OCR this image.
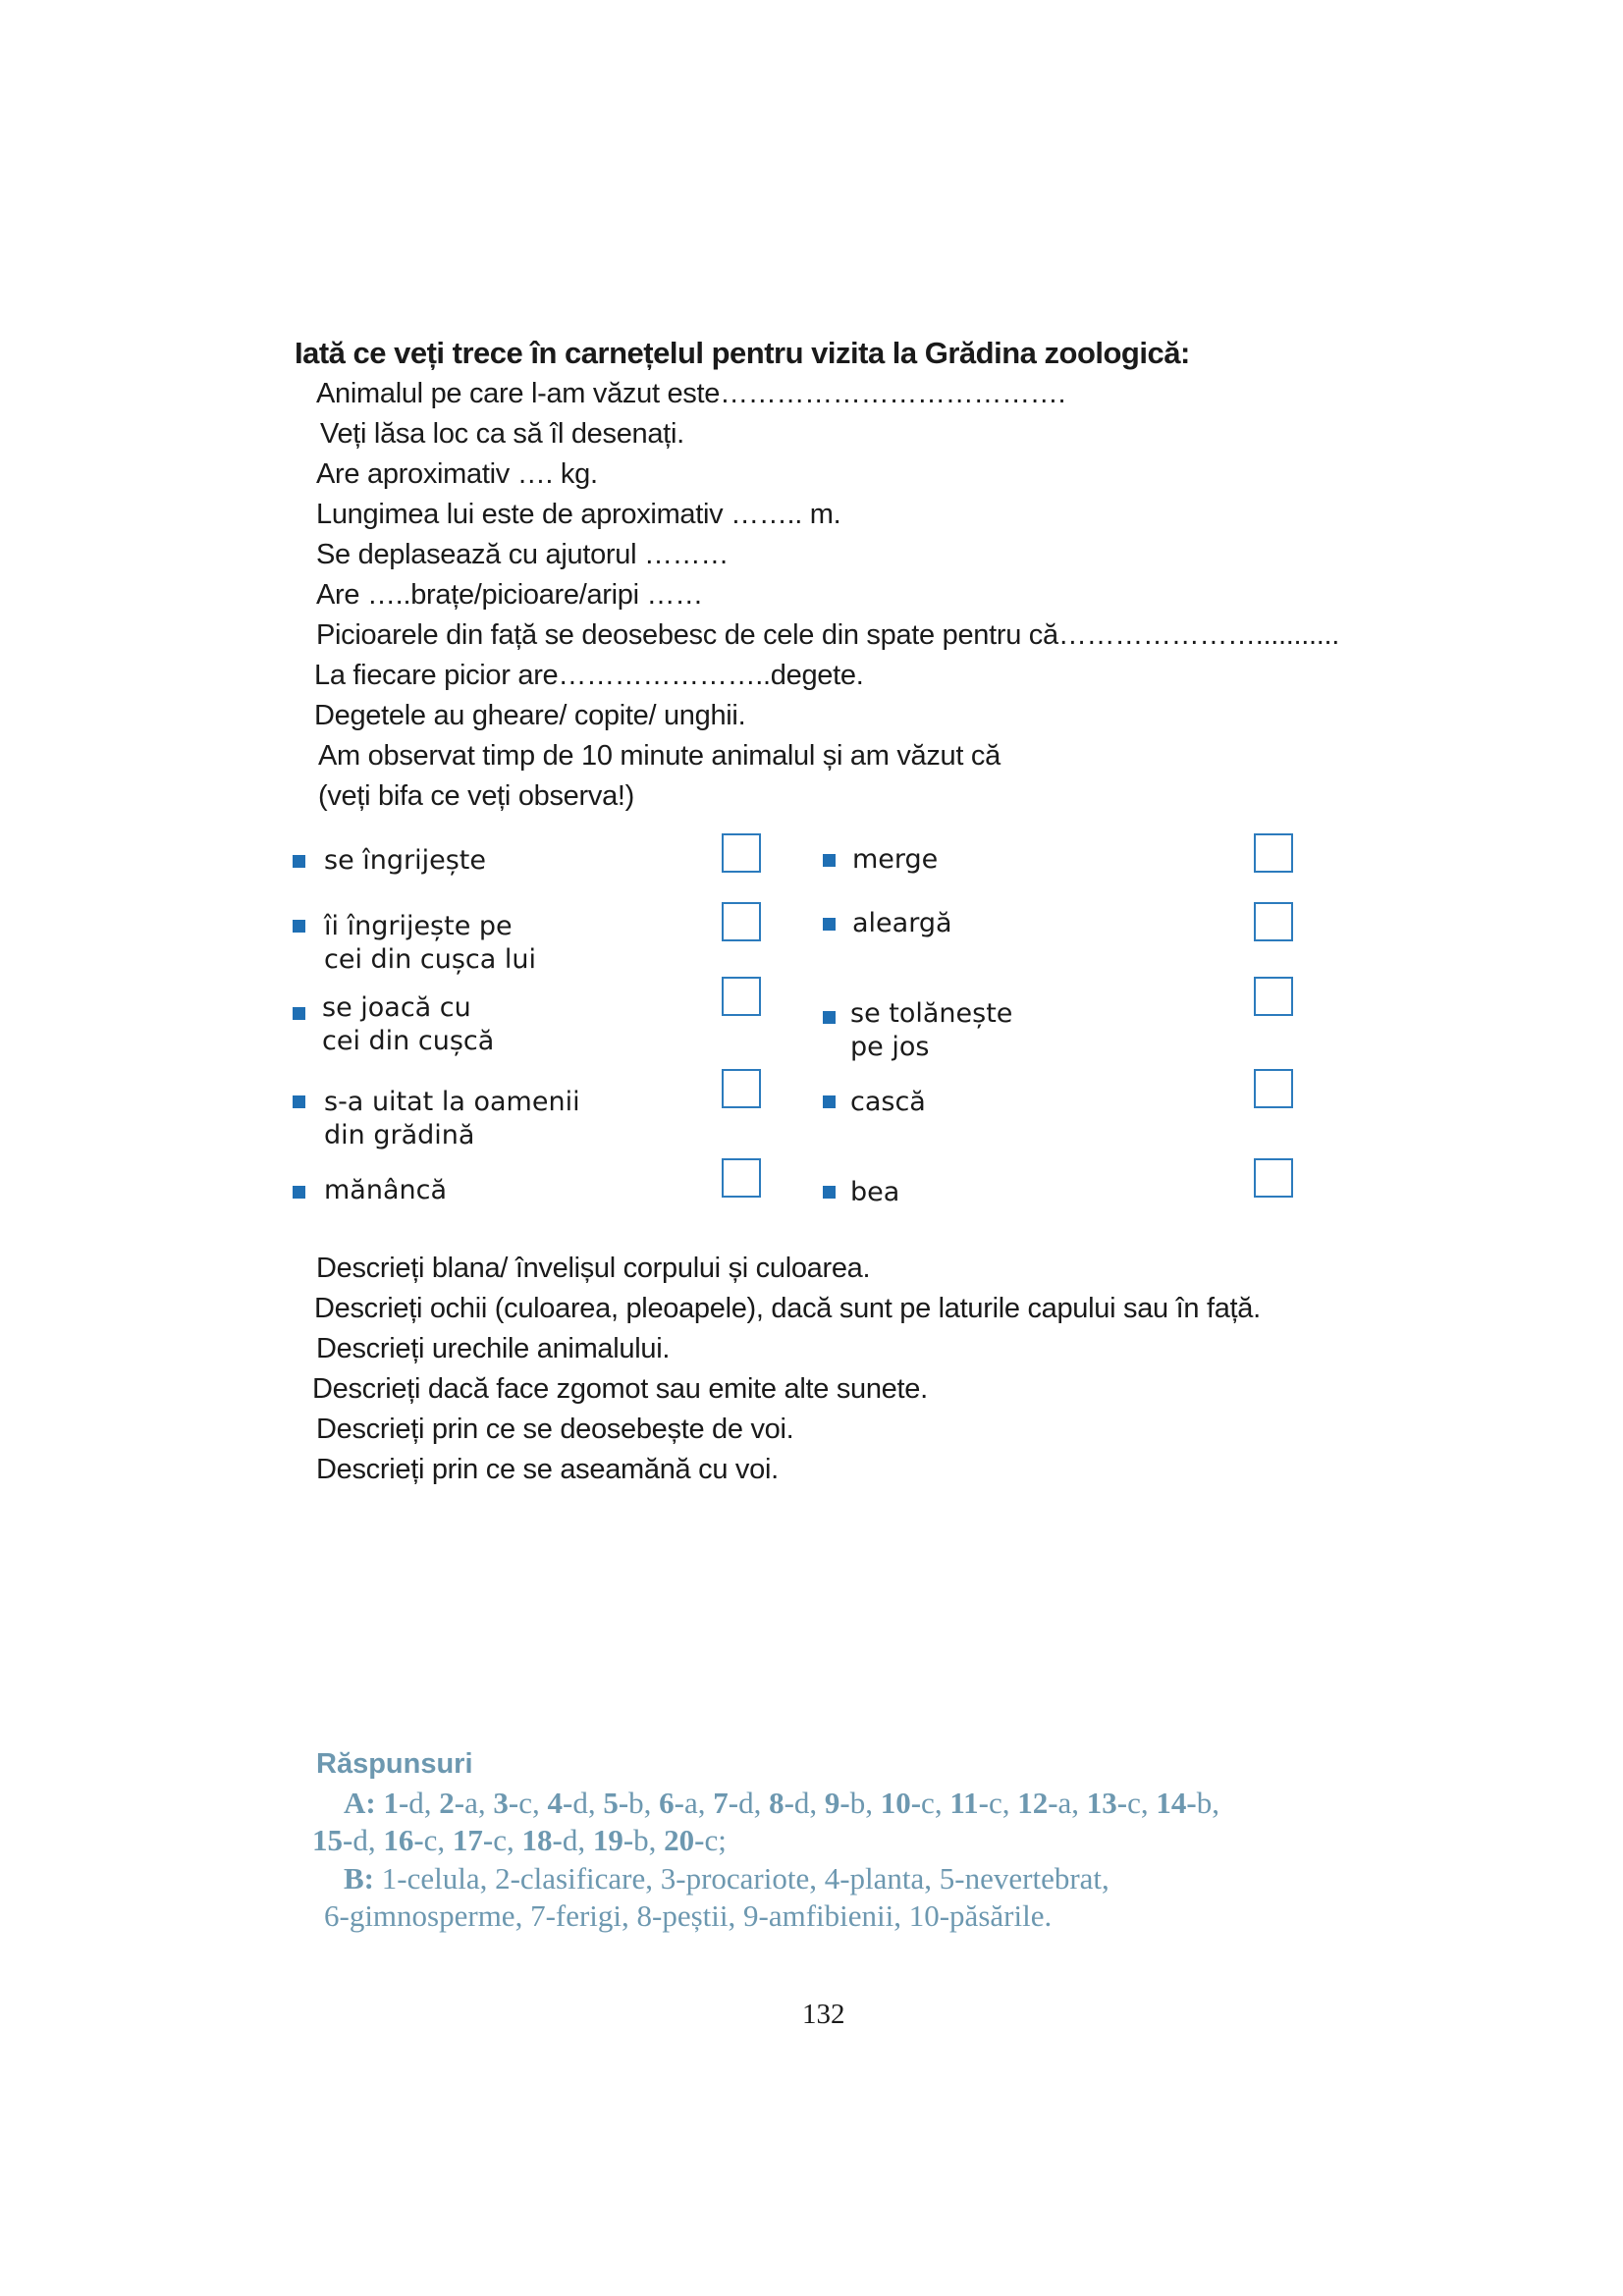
Iată ce veți trece în carnețelul pentru vizita la Grădina zoologică:
Animalul pe care l-am văzut este……………………………….
Veți lăsa loc ca să îl desenați.
Are aproximativ …. kg.
Lungimea lui este de aproximativ …….. m.
Se deplasează cu ajutorul ………
Are …..brațe/picioare/aripi ……
Picioarele din față se deosebesc de cele din spate pentru că…………………...........
La fiecare picior are…………………..degete.
Degetele au gheare/ copite/ unghii.
Am observat timp de 10 minute animalul și am văzut că
(veți bifa ce veți observa!)
se îngrijește

îi îngrijește pe
cei din cușca lui
se joacă cu
cei din cușcă
s-a uitat la oamenii
din grădină
mănâncă
merge
aleargă
se tolănește
pe jos
cască
bea
Descrieți blana/ învelișul corpului și culoarea.
Descrieți ochii (culoarea, pleoapele), dacă sunt pe laturile capului sau în față.
Descrieți urechile animalului.
Descrieți dacă face zgomot sau emite alte sunete.
Descrieți prin ce se deosebește de voi.
Descrieți prin ce se aseamănă cu voi.
Răspunsuri
A: 1-d, 2-a, 3-c, 4-d, 5-b, 6-a, 7-d, 8-d, 9-b, 10-c, 11-c, 12-a, 13-c, 14-b,
15-d, 16-c, 17-c, 18-d, 19-b, 20-c;
B: 1-celula, 2-clasificare, 3-procariote, 4-planta, 5-nevertebrat,
6-gimnosperme, 7-ferigi, 8-peștii, 9-amfibienii, 10-păsările.
132
